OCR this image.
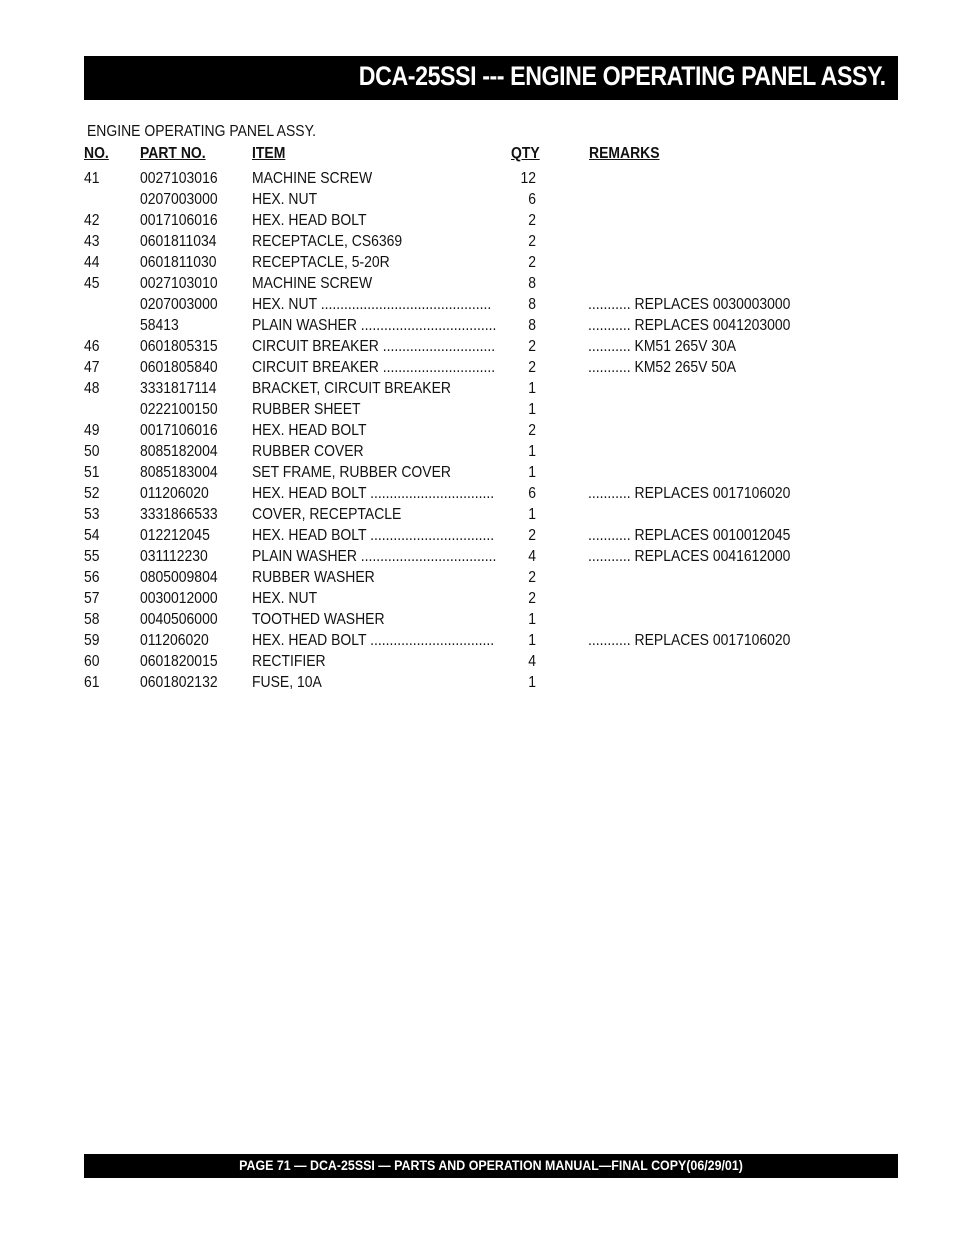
DCA-25SSI --- ENGINE OPERATING PANEL ASSY.
ENGINE OPERATING PANEL ASSY.
NO. PART NO.	ITEM	QTY	REMARKS
41	0027103016 MACHINE SCREW	12
0207003000 HEX. NUT	6
42	0017106016 HEX. HEAD BOLT	2
43	0601811034 RECEPTACLE, CS6369	2
44	0601811030 RECEPTACLE, 5-20R	2
45	0027103010 MACHINE SCREW	8
0207003000 HEX. NUT ............................................	8	........... REPLACES 0030003000
58413	PLAIN WASHER ...................................	8	........... REPLACES 0041203000
46	0601805315 CIRCUIT BREAKER .............................	2	........... KM51 265V 30A
47	0601805840 CIRCUIT BREAKER .............................	2	........... KM52 265V 50A
48	3331817114 BRACKET, CIRCUIT BREAKER	1
0222100150 RUBBER SHEET	1
49	0017106016 HEX. HEAD BOLT	2
50	8085182004 RUBBER COVER	1
51	8085183004 SET FRAME, RUBBER COVER	1
52	011206020	HEX. HEAD BOLT ................................	6	........... REPLACES 0017106020
53	3331866533 COVER, RECEPTACLE	1
54	012212045	HEX. HEAD BOLT ................................	2	........... REPLACES 0010012045
55	031112230	PLAIN WASHER ...................................	4	........... REPLACES 0041612000
56	0805009804 RUBBER WASHER	2
57	0030012000 HEX. NUT	2
58	0040506000 TOOTHED WASHER	1
59	011206020	HEX. HEAD BOLT ................................	1	........... REPLACES 0017106020
60	0601820015 RECTIFIER	4
61	0601802132 FUSE, 10A	1
PAGE 71 — DCA-25SSI — PARTS AND OPERATION MANUAL—FINAL COPY(06/29/01)
